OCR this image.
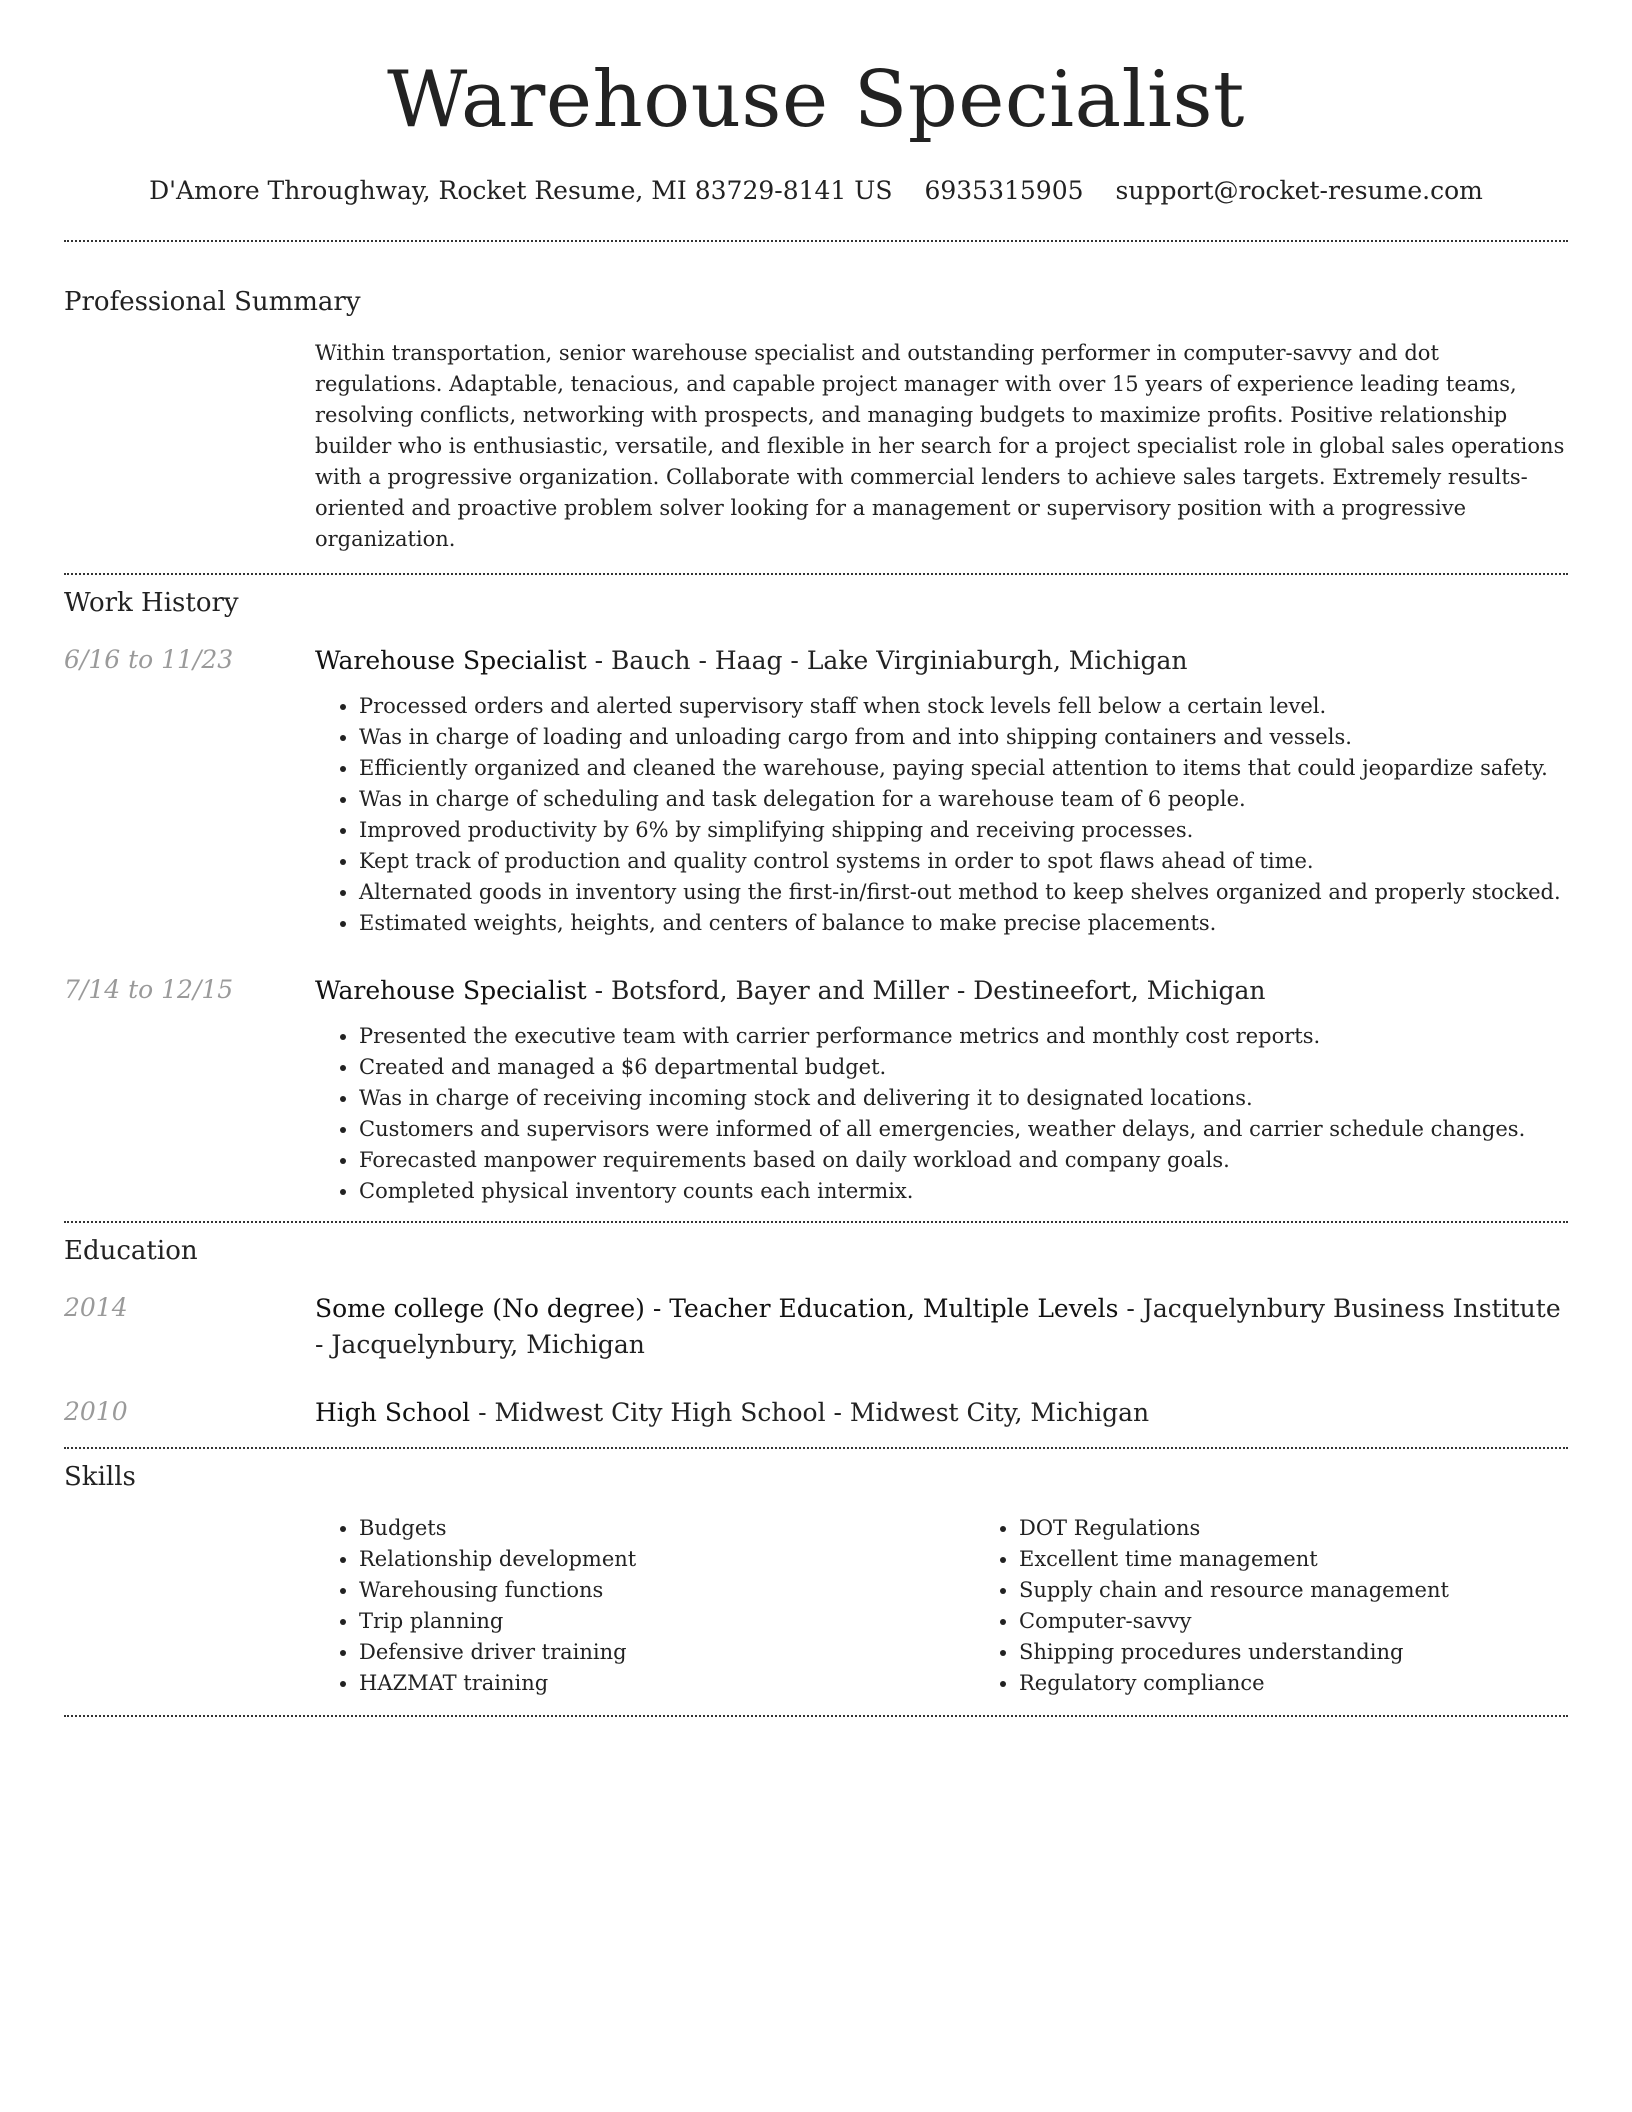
Warehouse Specialist
D'Amore Throughway, Rocket Resume, MI 83729-8141 US 6935315905 support@rocket-resume.com
Professional Summary
Within transportation, senior warehouse specialist and outstanding performer in computer-savvy and dot regulations. Adaptable, tenacious, and capable project manager with over 15 years of experience leading teams, resolving conflicts, networking with prospects, and managing budgets to maximize profits. Positive relationship builder who is enthusiastic, versatile, and flexible in her search for a project specialist role in global sales operations with a progressive organization. Collaborate with commercial lenders to achieve sales targets. Extremely results-oriented and proactive problem solver looking for a management or supervisory position with a progressive organization.
Work History
6/16 to 11/23	Warehouse Specialist - Bauch - Haag - Lake Virginiaburgh, Michigan
• Processed orders and alerted supervisory staff when stock levels fell below a certain level.
• Was in charge of loading and unloading cargo from and into shipping containers and vessels.
• Efficiently organized and cleaned the warehouse, paying special attention to items that could jeopardize safety.
• Was in charge of scheduling and task delegation for a warehouse team of 6 people.
• Improved productivity by 6% by simplifying shipping and receiving processes.
• Kept track of production and quality control systems in order to spot flaws ahead of time.
• Alternated goods in inventory using the first-in/first-out method to keep shelves organized and properly stocked.
• Estimated weights, heights, and centers of balance to make precise placements.
7/14 to 12/15	Warehouse Specialist - Botsford, Bayer and Miller - Destineefort, Michigan
• Presented the executive team with carrier performance metrics and monthly cost reports.
• Created and managed a $6 departmental budget.
• Was in charge of receiving incoming stock and delivering it to designated locations.
• Customers and supervisors were informed of all emergencies, weather delays, and carrier schedule changes.
• Forecasted manpower requirements based on daily workload and company goals.
• Completed physical inventory counts each intermix.
Education
2014	Some college (No degree) - Teacher Education, Multiple Levels - Jacquelynbury Business Institute - Jacquelynbury, Michigan
2010	High School - Midwest City High School - Midwest City, Michigan
Skills
• Budgets
• Relationship development
• Warehousing functions
• Trip planning
• Defensive driver training
• HAZMAT training
• DOT Regulations
• Excellent time management
• Supply chain and resource management
• Computer-savvy
• Shipping procedures understanding
• Regulatory compliance
